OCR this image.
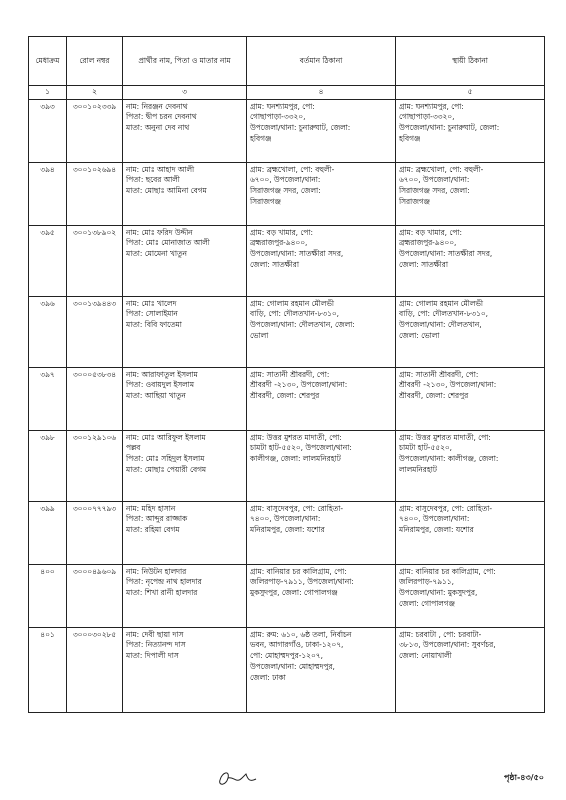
মেধাক্রম	রোল নম্বর	প্রার্থীর নাম, পিতা ও মাতার নাম	বর্তমান ঠিকানা	স্থায়ী ঠিকানা
১	২	৩	৪	৫
৩৯৩	৩০০১০২৩৩৯	নাম: নিরঞ্জন দেবনাথ
পিতা: দ্বীপ চরন দেবনাথ
মাতা: অনুনা দেব নাথ	গ্রাম: ঘনশ্যামপুর, পো:
গোছাপাড়া-৩৩২০,
উপজেলা/থানা: চুনারুঘাট, জেলা:
হবিগঞ্জ	গ্রাম: ঘনশ্যামপুর, পো:
গোছাপাড়া-৩৩২০,
উপজেলা/থানা: চুনারুঘাট, জেলা:
হবিগঞ্জ

৩৯৪	৩০০১০২৬৯৪	নাম: মোঃ আহাদ আলী
পিতা: ছবের আলী
মাতা: মোছাঃ আমিনা বেগম	গ্রাম: ব্রহ্মখোলা, পো: বহুলী-
৬৭০০, উপজেলা/থানা:
সিরাজগঞ্জ সদর, জেলা:
সিরাজগঞ্জ	গ্রাম: ব্রহ্মখোলা, পো: বহুলী-
৬৭০০, উপজেলা/থানা:
সিরাজগঞ্জ সদর, জেলা:
সিরাজগঞ্জ

৩৯৫	৩০০১৩৮৯০২	নাম: মোঃ ফরিদ উদ্দীন
পিতা: মোঃ মোনাজাত আলী
মাতা: মোমেনা খাতুন	গ্রাম: বড় খামার, পো:
ব্রহ্মরাজপুর-৯৪০০,
উপজেলা/থানা: সাতক্ষীরা সদর,
জেলা: সাতক্ষীরা	গ্রাম: বড় খামার, পো:
ব্রহ্মরাজপুর-৯৪০০,
উপজেলা/থানা: সাতক্ষীরা সদর,
জেলা: সাতক্ষীরা

৩৯৬	৩০০১৩৯৪৪৩	নাম: মোঃ খালেদ
পিতা: সোলাইমান
মাতা: বিবি ফাতেমা	গ্রাম: গোলাম রহমান মৌলভী
বাড়ি, পো: দৌলতখান-৮৩১০,
উপজেলা/থানা: দৌলতখান, জেলা:
ভোলা	গ্রাম: গোলাম রহমান মৌলভী
বাড়ি, পো: দৌলতখান-৮৩১০,
উপজেলা/থানা: দৌলতখান,
জেলা: ভোলা

৩৯৭	৩০০০৫৩৮৩৪	নাম: আরাফাতুল ইসলাম
পিতা: ওবায়দুল ইসলাম
মাতা: আছিয়া খাতুন	গ্রাম: সাতানী শ্রীবরদী, পো:
শ্রীবরদী -২১৩০, উপজেলা/থানা:
শ্রীবরদী, জেলা: শেরপুর	গ্রাম: সাতানী শ্রীবরদী, পো:
শ্রীবরদী -২১৩০, উপজেলা/থানা:
শ্রীবরদী, জেলা: শেরপুর

৩৯৮	৩০০১২৯১০৬	নাম: মোঃ আরিফুল ইসলাম
পল্লব
পিতা: মোঃ সহিদুল ইসলাম
মাতা: মোছাঃ পেয়ারী বেগম	গ্রাম: উত্তর মুশরত মাদাতী, পো:
চামটা হাট-৫৫২০, উপজেলা/থানা:
কালীগঞ্জ, জেলা: লালমনিরহাট	গ্রাম: উত্তর মুশরত মাদাতী, পো:
চামটা হাট-৫৫২০,
উপজেলা/থানা: কালীগঞ্জ, জেলা:
লালমনিরহাট

৩৯৯	৩০০০৭৭৭৯৩	নাম: মহিদ হাসান
পিতা: আব্দুর রাজ্জাক
মাতা: রহিমা বেগম	গ্রাম: বাসুদেবপুর, পো: রোহিতা-
৭৪০০, উপজেলা/থানা:
মনিরামপুর, জেলা: যশোর	গ্রাম: বাসুদেবপুর, পো: রোহিতা-
৭৪০০, উপজেলা/থানা:
মনিরামপুর, জেলা: যশোর

৪০০	৩০০০৪৯৬০৯	নাম: নিউটন হালদার
পিতা: নৃপেন্দ্র নাথ হালদার
মাতা: শিখা রানী হালদার	গ্রাম: বানিয়ার চর কালিগ্রাম, পো:
জলিরপাড়-৭৯১১, উপজেলা/থানা:
মুকসুদপুর, জেলা: গোপালগঞ্জ	গ্রাম: বানিয়ার চর কালিগ্রাম, পো:
জলিরপাড়-৭৯১১,
উপজেলা/থানা: মুকসুদপুর,
জেলা: গোপালগঞ্জ

৪০১	৩০০০৩০২৮৫	নাম: দেবী ছায়া দাস
পিতা: নিত্যানন্দ দাস
মাতা: দিপালী দাস	গ্রাম: রুম: ৬১০, ৬ষ্ঠ তলা, নির্বাচন
ভবন, আগারগাঁও, ঢাকা-১২০৭,
পো: মোহাম্মদপুর-১২০৭,
উপজেলা/থানা: মোহাম্মদপুর,
জেলা: ঢাকা	গ্রাম: চরবাটা , পো: চরবাটা-
৩৮১৩, উপজেলা/থানা: সুবর্ণচর,
জেলা: নোয়াখালী
পৃষ্ঠা-৪৩/৫০
